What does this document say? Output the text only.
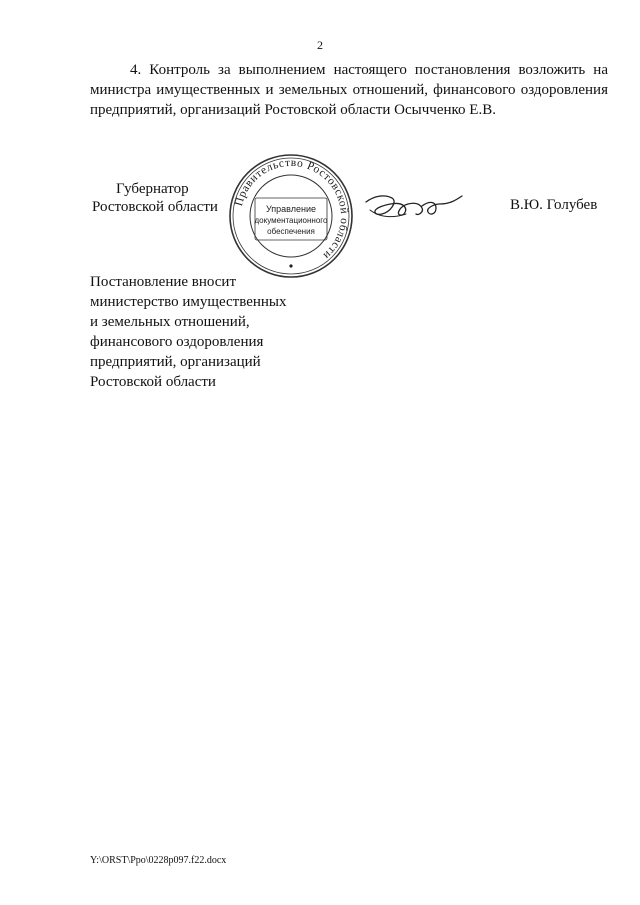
2
4. Контроль за выполнением настоящего постановления возложить на министра имущественных и земельных отношений, финансового оздоровления предприятий, организаций Ростовской области Осычченко Е.В.
Губернатор
Ростовской области Правительство Ростовской области
Управление
документационного
обеспечения
В.Ю. Голубев
Постановление вносит
министерство имущественных
и земельных отношений,
финансового оздоровления
предприятий, организаций
Ростовской области
Y:\ORST\Ppo\0228p097.f22.docx
